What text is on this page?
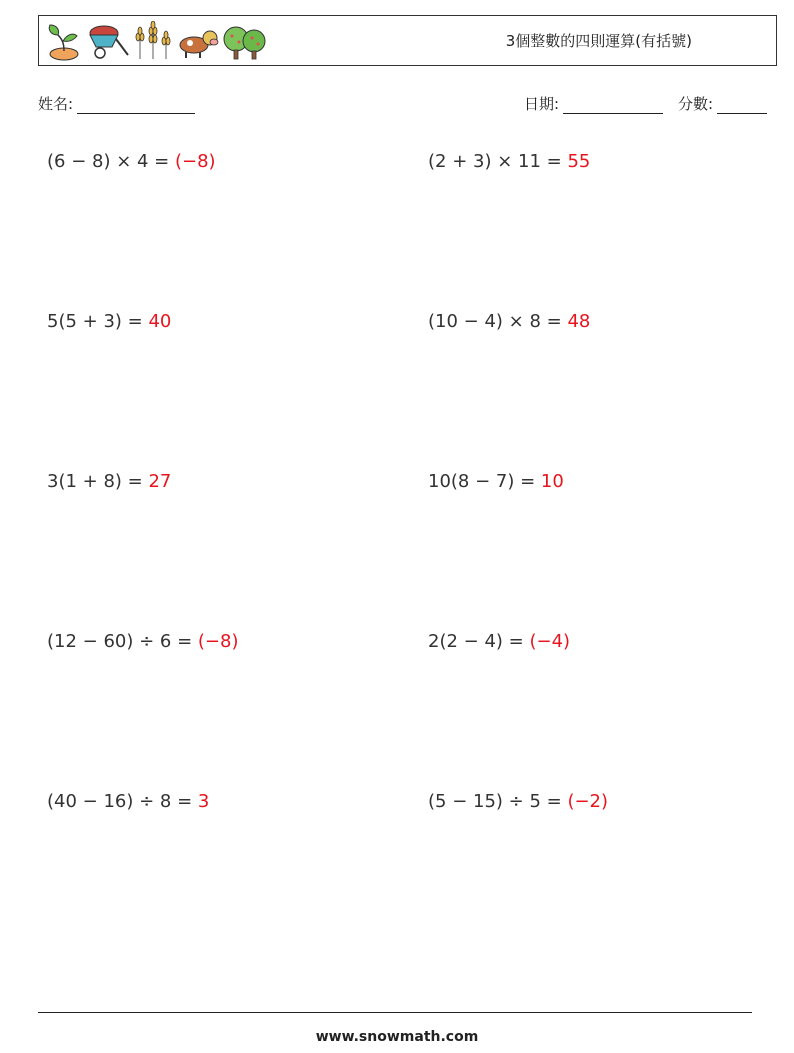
3個整數的四則運算(有括號)
姓名:	日期:	分數:
(6 − 8) × 4 = (−8)	(2 + 3) × 11 = 55
5(5 + 3) = 40	(10 − 4) × 8 = 48
3(1 + 8) = 27	10(8 − 7) = 10
(12 − 60) ÷ 6 = (−8)	2(2 − 4) = (−4)
(40 − 16) ÷ 8 = 3	(5 − 15) ÷ 5 = (−2)
www.snowmath.com
